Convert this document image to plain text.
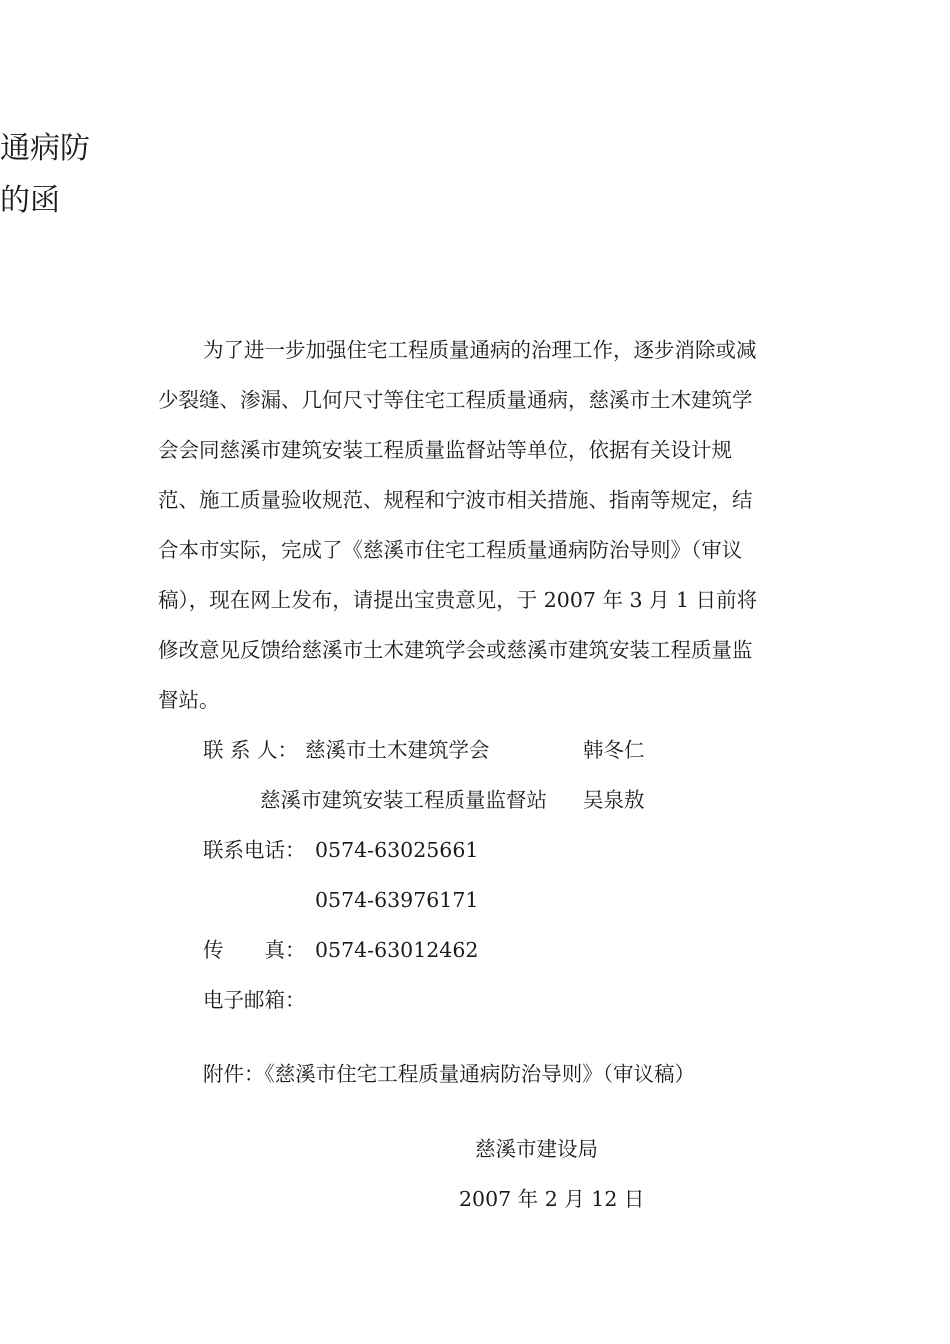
通病防
的函
为了进一步加强住宅工程质量通病的治理工作，逐步消除或减
少裂缝、渗漏、几何尺寸等住宅工程质量通病，慈溪市土木建筑学
会会同慈溪市建筑安装工程质量监督站等单位，依据有关设计规
范、施工质量验收规范、规程和宁波市相关措施、指南等规定，结
合本市实际，完成了《慈溪市住宅工程质量通病防治导则》（审议
稿），现在网上发布，请提出宝贵意见，于 2007 年 3 月 1 日前将
修改意见反馈给慈溪市土木建筑学会或慈溪市建筑安装工程质量监
督站。
联 系 人： 慈溪市土木建筑学会	韩冬仁
慈溪市建筑安装工程质量监督站 吴泉敖
联系电话： 0574-63025661
0574-63976171
传　　真： 0574-63012462
电子邮箱：
附件：《慈溪市住宅工程质量通病防治导则》（审议稿）
慈溪市建设局
2007 年 2 月 12 日
